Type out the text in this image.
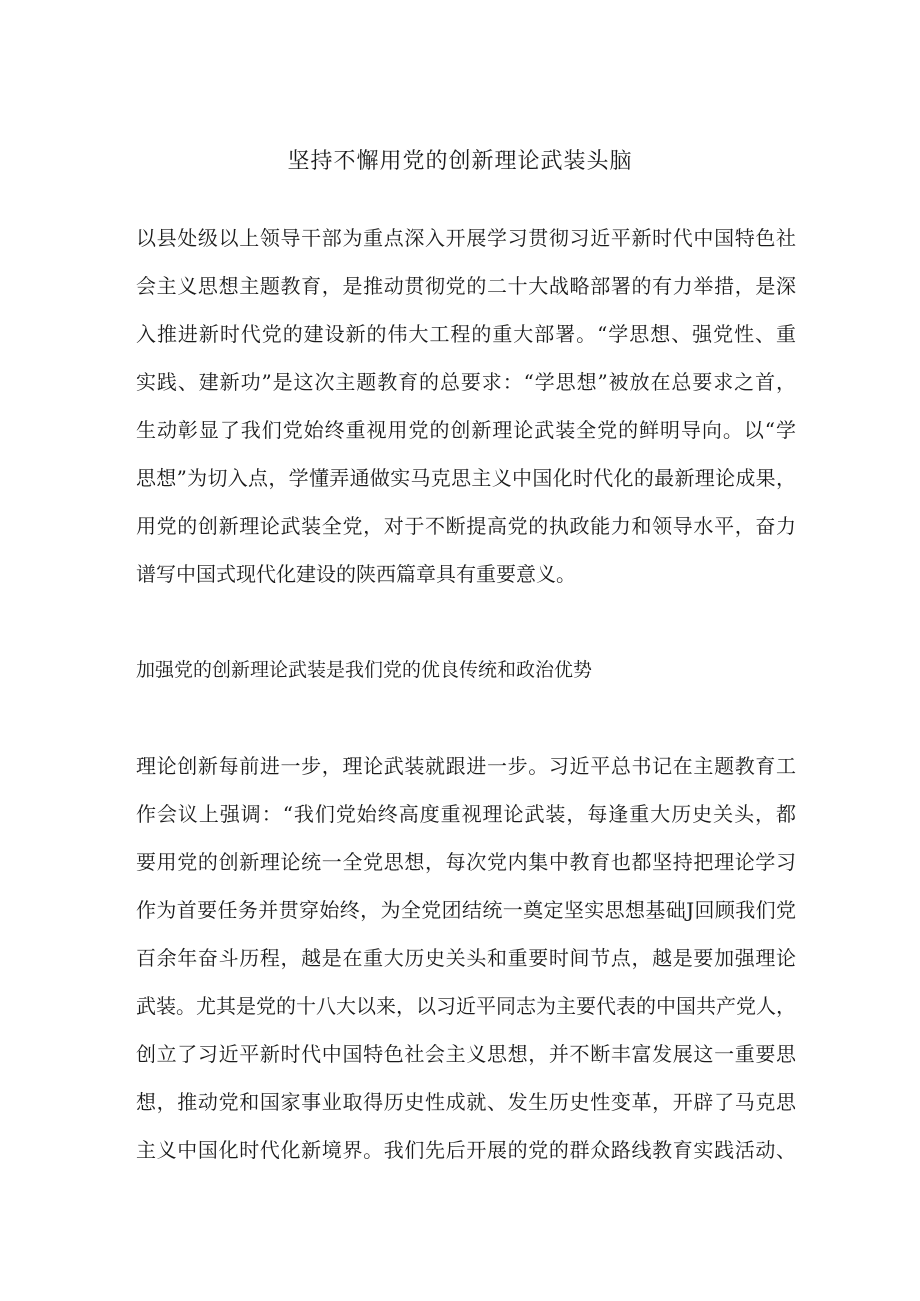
坚持不懈用党的创新理论武装头脑
以县处级以上领导干部为重点深入开展学习贯彻习近平新时代中国特色社
会主义思想主题教育，是推动贯彻党的二十大战略部署的有力举措，是深
入推进新时代党的建设新的伟大工程的重大部署。“学思想、强党性、重
实践、建新功”是这次主题教育的总要求：“学思想”被放在总要求之首，
生动彰显了我们党始终重视用党的创新理论武装全党的鲜明导向。以“学
思想”为切入点，学懂弄通做实马克思主义中国化时代化的最新理论成果，
用党的创新理论武装全党，对于不断提高党的执政能力和领导水平，奋力
谱写中国式现代化建设的陕西篇章具有重要意义。
加强党的创新理论武装是我们党的优良传统和政治优势
理论创新每前进一步，理论武装就跟进一步。习近平总书记在主题教育工
作会议上强调：“我们党始终高度重视理论武装，每逢重大历史关头，都
要用党的创新理论统一全党思想，每次党内集中教育也都坚持把理论学习
作为首要任务并贯穿始终，为全党团结统一奠定坚实思想基础J回顾我们党
百余年奋斗历程，越是在重大历史关头和重要时间节点，越是要加强理论
武装。尤其是党的十八大以来，以习近平同志为主要代表的中国共产党人，
创立了习近平新时代中国特色社会主义思想，并不断丰富发展这一重要思
想，推动党和国家事业取得历史性成就、发生历史性变革，开辟了马克思
主义中国化时代化新境界。我们先后开展的党的群众路线教育实践活动、
